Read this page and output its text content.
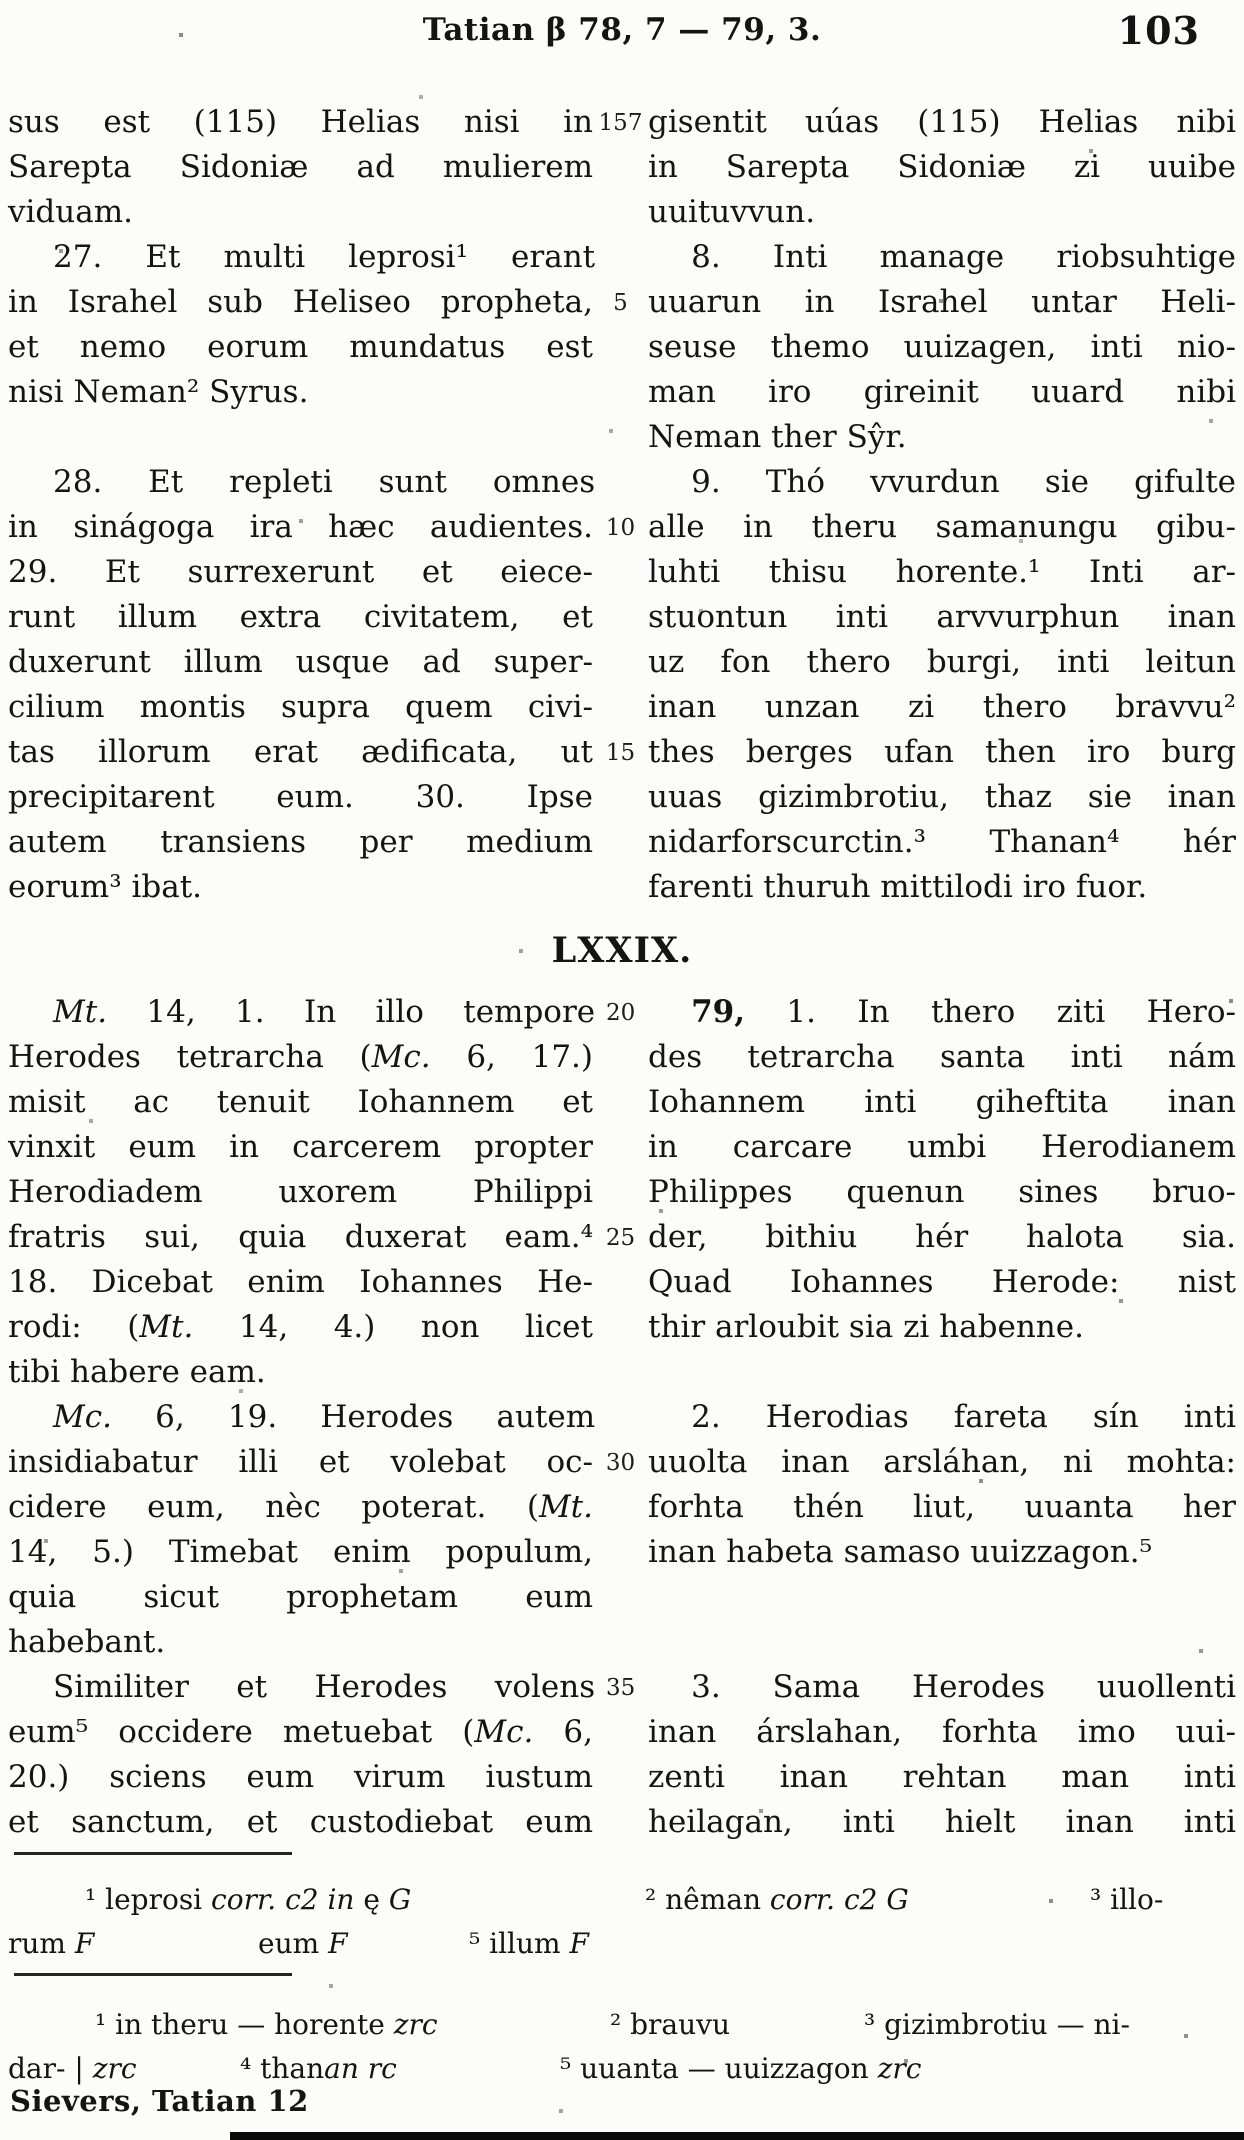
Tatian β 78, 7 — 79, 3.	103
sus est (115) Helias nisi in 157 gisentit uúas (115) Helias nibi
Sarepta Sidoniæ ad mulierem in Sarepta Sidoniæ zi uuibe
viduam.	uuituvvun.
27. Et multi leprosi¹ erant	8. Inti manage riobsuhtige
in Israhel sub Heliseo propheta, 5 uuarun in Israhel untar Heli-
et nemo eorum mundatus est seuse themo uuizagen, inti nio-
nisi Neman² Syrus.	man iro gireinit uuard nibi
Neman ther Sŷr.
28. Et repleti sunt omnes	9. Thó vvurdun sie gifulte
in sinágoga ira hæc audientes. 10 alle in theru samanungu gibu-
29. Et surrexerunt et eiece- luhti thisu horente.¹ Inti ar-
runt illum extra civitatem, et stuontun inti arvvurphun inan
duxerunt illum usque ad super- uz fon thero burgi, inti leitun
cilium montis supra quem civi- inan unzan zi thero bravvu²
tas illorum erat ædificata, ut 15 thes berges ufan then iro burg
precipitarent eum. 30. Ipse uuas gizimbrotiu, thaz sie inan
autem transiens per medium nidarforscurctin.³ Thanan⁴ hér
eorum³ ibat.	farenti thuruh mittilodi iro fuor.
LXXIX.
Mt. 14, 1. In illo tempore 20	79, 1. In thero ziti Hero-
Herodes tetrarcha (Mc. 6, 17.) des tetrarcha santa inti nám
misit ac tenuit Iohannem et Iohannem inti giheftita inan
vinxit eum in carcerem propter in carcare umbi Herodianem
Herodiadem uxorem Philippi Philippes quenun sines bruo-
fratris sui, quia duxerat eam.⁴ 25 der, bithiu hér halota sia.
18. Dicebat enim Iohannes He- Quad Iohannes Herode: nist
rodi: (Mt. 14, 4.) non licet thir arloubit sia zi habenne.
tibi habere eam.
Mc. 6, 19. Herodes autem	2. Herodias fareta sín inti
insidiabatur illi et volebat oc- 30 uuolta inan arsláhan, ni mohta:
cidere eum, nèc poterat. (Mt. forhta thén liut, uuanta her
14, 5.) Timebat enim populum, inan habeta samaso uuizzagon.⁵
quia sicut prophetam eum
habebant.
Similiter et Herodes volens 35	3. Sama Herodes uuollenti
eum⁵ occidere metuebat (Mc. 6, inan árslahan, forhta imo uui-
20.) sciens eum virum iustum zenti inan rehtan man inti
et sanctum, et custodiebat eum heilagan, inti hielt inan inti
¹ leprosi corr. c2 in ę G	² nêman corr. c2 G	³ illo-
rum F	eum F	⁵ illum F
¹ in theru — horente zrc	² brauvu	³ gizimbrotiu — ni-
dar- | zrc	⁴ thanan rc	⁵ uuanta — uuizzagon zrc
Sievers, Tatian 12
